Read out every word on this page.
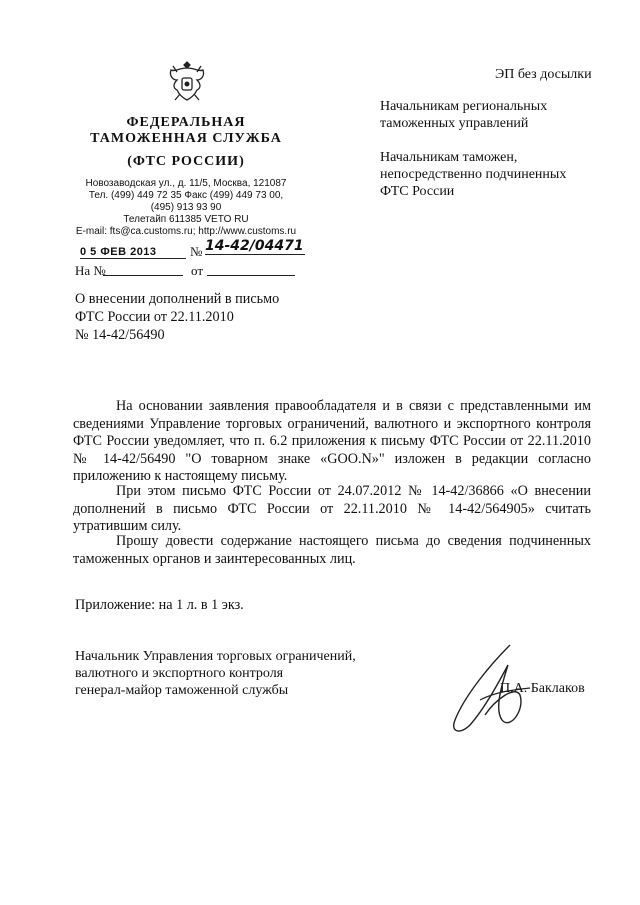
ЭП без досылки
ФЕДЕРАЛЬНАЯ
ТАМОЖЕННАЯ СЛУЖБА
(ФТС РОССИИ)
Новозаводская ул., д. 11/5, Москва, 121087
Тел. (499) 449 72 35 Факс (499) 449 73 00,
(495) 913 93 90
Телетайп 611385 VETO RU
E-mail: fts@ca.customs.ru; http://www.customs.ru
0 5 ФЕВ 2013	№ 14-42/04471
На №	от
Начальникам региональных
таможенных управлений
Начальникам таможен,
непосредственно подчиненных
ФТС России
О внесении дополнений в письмо
ФТС России от 22.11.2010
№ 14-42/56490
На основании заявления правообладателя и в связи с представленными им сведениями Управление торговых ограничений, валютного и экспортного контроля ФТС России уведомляет, что п. 6.2 приложения к письму ФТС России от 22.11.2010 № 14-42/56490 "О товарном знаке «GOO.N»" изложен в редакции согласно приложению к настоящему письму.
При этом письмо ФТС России от 24.07.2012 № 14-42/36866 «О внесении дополнений в письмо ФТС России от 22.11.2010 № 14-42/564905» считать утратившим силу.
Прошу довести содержание настоящего письма до сведения подчиненных таможенных органов и заинтересованных лиц.
Приложение: на 1 л. в 1 экз.
Начальник Управления торговых ограничений,
валютного и экспортного контроля
генерал-майор таможенной службы	П.А. Баклаков
